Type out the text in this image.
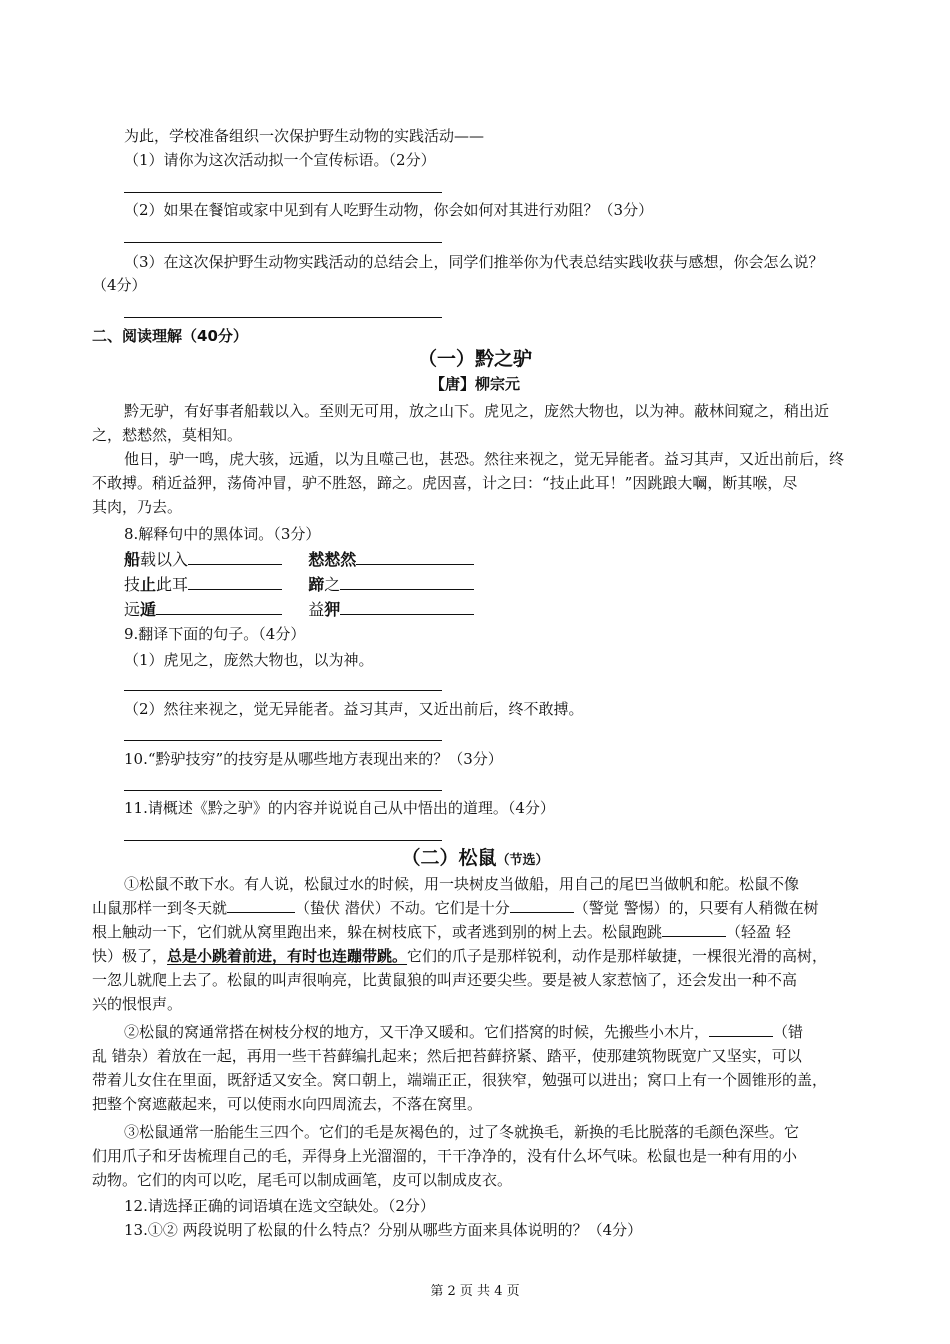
为此，学校准备组织一次保护野生动物的实践活动——
（1）请你为这次活动拟一个宣传标语。（2分）
（2）如果在餐馆或家中见到有人吃野生动物，你会如何对其进行劝阻？（3分）
（3）在这次保护野生动物实践活动的总结会上，同学们推举你为代表总结实践收获与感想，你会怎么说？
（4分）
二、阅读理解（40分）
（一）黔之驴
【唐】柳宗元
黔无驴，有好事者船载以入。至则无可用，放之山下。虎见之，庞然大物也，以为神。蔽林间窥之，稍出近
之，慭慭然，莫相知。
他日，驴一鸣，虎大骇，远遁，以为且噬己也，甚恐。然往来视之，觉无异能者。益习其声，又近出前后，终
不敢搏。稍近益狎，荡倚冲冒，驴不胜怒，蹄之。虎因喜，计之曰：“技止此耳！”因跳踉大㘎，断其喉，尽
其肉，乃去。
8.解释句中的黑体词。（3分）
船载以入	慭慭然
技止此耳	蹄之
远遁	益狎
9.翻译下面的句子。（4分）
（1）虎见之，庞然大物也，以为神。
（2）然往来视之，觉无异能者。益习其声，又近出前后，终不敢搏。
10.“黔驴技穷”的技穷是从哪些地方表现出来的？（3分）
11.请概述《黔之驴》的内容并说说自己从中悟出的道理。（4分）
（二）松鼠（节选）
①松鼠不敢下水。有人说，松鼠过水的时候，用一块树皮当做船，用自己的尾巴当做帆和舵。松鼠不像
山鼠那样一到冬天就	（蛰伏 潜伏）不动。它们是十分	（警觉 警惕）的，只要有人稍微在树
根上触动一下，它们就从窝里跑出来，躲在树枝底下，或者逃到别的树上去。松鼠跑跳	（轻盈 轻
快）极了，总是小跳着前进，有时也连蹦带跳。它们的爪子是那样锐利，动作是那样敏捷，一棵很光滑的高树，
一忽儿就爬上去了。松鼠的叫声很响亮，比黄鼠狼的叫声还要尖些。要是被人家惹恼了，还会发出一种不高
兴的恨恨声。
②松鼠的窝通常搭在树枝分杈的地方，又干净又暖和。它们搭窝的时候，先搬些小木片，	（错
乱 错杂）着放在一起，再用一些干苔藓编扎起来；然后把苔藓挤紧、踏平，使那建筑物既宽广又坚实，可以
带着儿女住在里面，既舒适又安全。窝口朝上，端端正正，很狭窄，勉强可以进出；窝口上有一个圆锥形的盖，
把整个窝遮蔽起来，可以使雨水向四周流去，不落在窝里。
③松鼠通常一胎能生三四个。它们的毛是灰褐色的，过了冬就换毛，新换的毛比脱落的毛颜色深些。它
们用爪子和牙齿梳理自己的毛，弄得身上光溜溜的，干干净净的，没有什么坏气味。松鼠也是一种有用的小
动物。它们的肉可以吃，尾毛可以制成画笔，皮可以制成皮衣。
12.请选择正确的词语填在选文空缺处。（2分）
13.①② 两段说明了松鼠的什么特点？分别从哪些方面来具体说明的？（4分）
第 2 页 共 4 页
